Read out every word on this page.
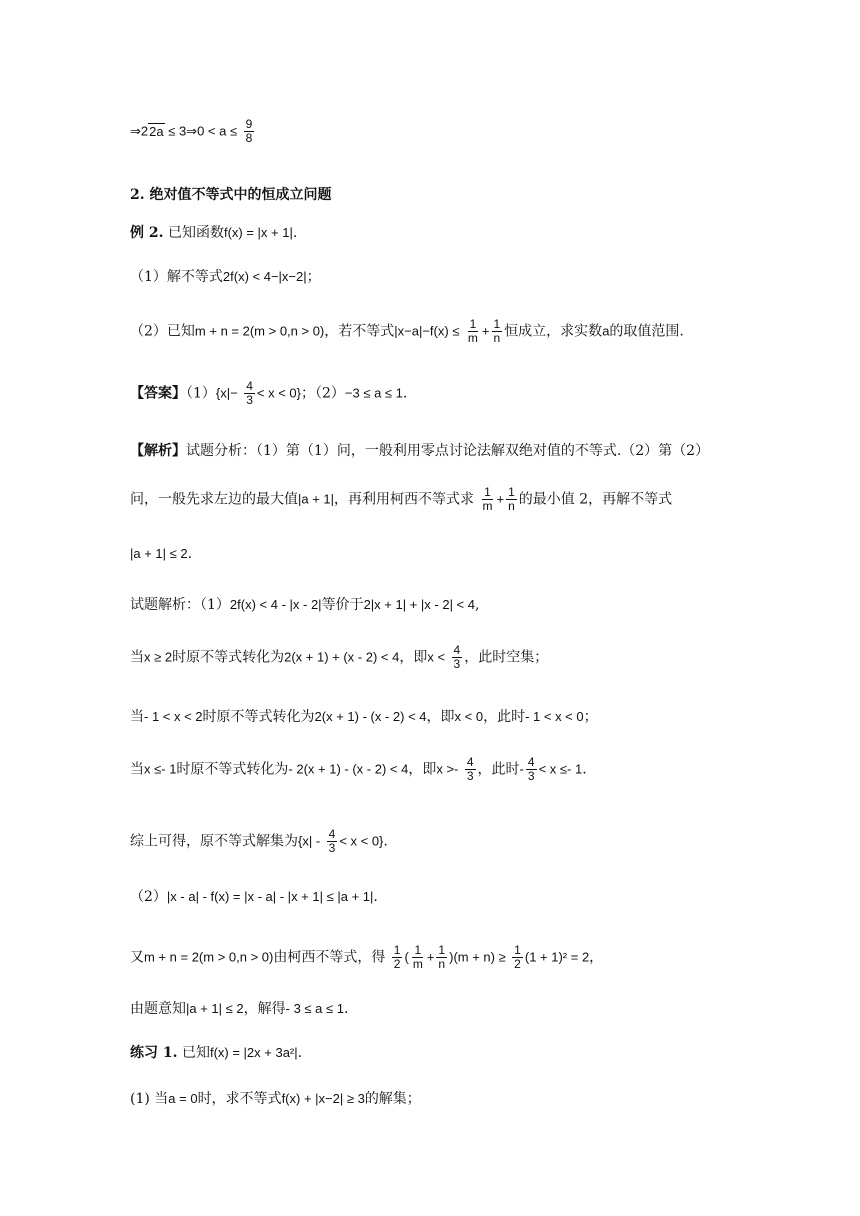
⇒22a ≤ 3⇒0 < $a \le \frac{9}{8}$
2. 绝对值不等式中的恒成立问题
例 2. 已知函数f(x) = |x + 1|.
（1）解不等式2f(x) < 4−|x−2|；
（2）已知m + n = 2(m > 0,n > 0)，若不等式$|x-a|-f(x) \le \frac{1}{m} + \frac{1}{n}$ 恒成立，求实数a的取值范围.
【答案】$(1)\{x|- \frac{4}{3} < x < 0\}$；（2）−3 ≤ a ≤ 1.
【解析】试题分析：（1）第（1）问，一般利用零点讨论法解双绝对值的不等式.（2）第（2）
问，一般先求左边的最大值|a + 1|，再利用柯西不等式求 $\frac{1}{m} + \frac{1}{n}$ 的最小值 2，再解不等式
|a + 1| ≤ 2.
试题解析：（1）2f(x) < 4 - |x - 2|等价于2|x + 1| + |x - 2| < 4,
当x ≥ 2时原不等式转化为2(x + 1) + (x - 2) < 4，即$x < \frac{4}{3}$ ，此时空集；
当- 1 < x < 2时原不等式转化为2(x + 1) - (x - 2) < 4，即x < 0，此时- 1 < x < 0；
当x ≤- 1时原不等式转化为- 2(x + 1) - (x - 2) < 4，即$x >- \frac{4}{3}$ ，此时- $\frac{4}{3} < x \le- 1$.
综上可得，原不等式解集为$\{x| - \frac{4}{3} < x < 0\}$.
（2）|x - a| - f(x) = |x - a| - |x + 1| ≤ |a + 1|.
又m + n = 2(m > 0,n > 0)由柯西不等式，得 $\frac{1}{2}$ ( $\frac{1}{m} + \frac{1}{n} )(m + n) \ge \frac{1}{2} (1 + 1)^2 = 2$，
由题意知|a + 1| ≤ 2，解得- 3 ≤ a ≤ 1.
练习 1. 已知f(x) = |2x + 3a²|.
(1) 当a = 0时，求不等式f(x) + |x−2| ≥ 3的解集；
